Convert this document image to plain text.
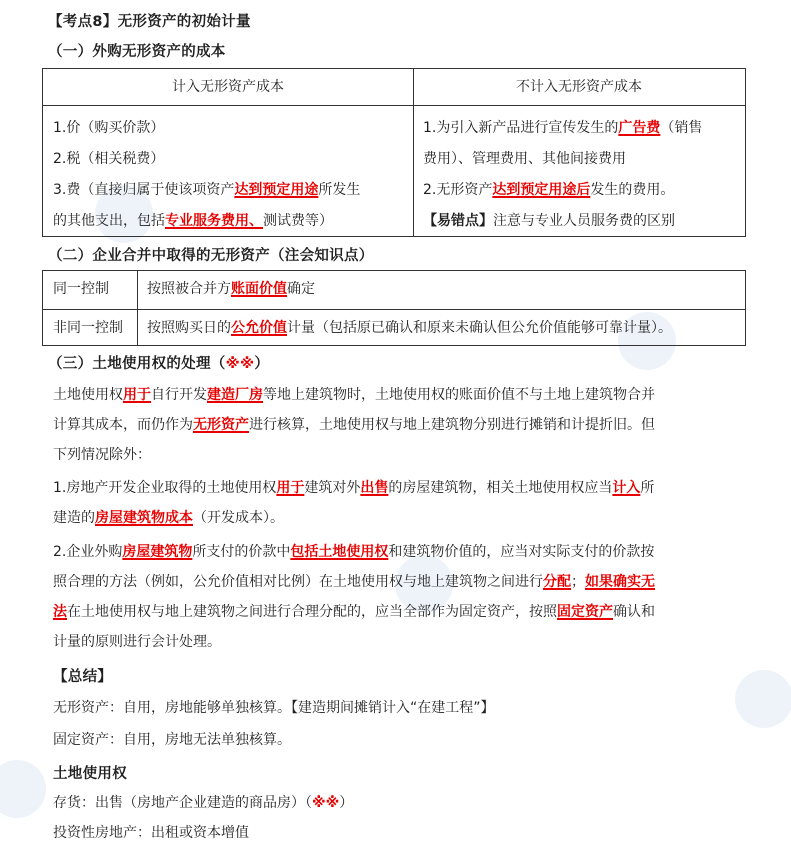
【考点8】无形资产的初始计量
（一）外购无形资产的成本
计入无形资产成本	不计入无形资产成本
1.价（购买价款）
2.税（相关税费）
3.费（直接归属于使该项资产达到预定用途所发生
的其他支出，包括专业服务费用、测试费等）
1.为引入新产品进行宣传发生的广告费（销售
费用）、管理费用、其他间接费用
2.无形资产达到预定用途后发生的费用。
【易错点】注意与专业人员服务费的区别
（二）企业合并中取得的无形资产（注会知识点）
同一控制	按照被合并方账面价值确定
非同一控制 按照购买日的公允价值计量（包括原已确认和原来未确认但公允价值能够可靠计量）。
（三）土地使用权的处理（※※）
土地使用权用于自行开发建造厂房等地上建筑物时，土地使用权的账面价值不与土地上建筑物合并
计算其成本，而仍作为无形资产进行核算，土地使用权与地上建筑物分别进行摊销和计提折旧。但
下列情况除外：
1.房地产开发企业取得的土地使用权用于建筑对外出售的房屋建筑物，相关土地使用权应当计入所
建造的房屋建筑物成本（开发成本）。
2.企业外购房屋建筑物所支付的价款中包括土地使用权和建筑物价值的，应当对实际支付的价款按
照合理的方法（例如，公允价值相对比例）在土地使用权与地上建筑物之间进行分配；如果确实无
法在土地使用权与地上建筑物之间进行合理分配的，应当全部作为固定资产，按照固定资产确认和
计量的原则进行会计处理。
【总结】
无形资产：自用，房地能够单独核算。【建造期间摊销计入“在建工程”】
固定资产：自用，房地无法单独核算。
土地使用权
存货：出售（房地产企业建造的商品房）（※※）
投资性房地产：出租或资本增值
